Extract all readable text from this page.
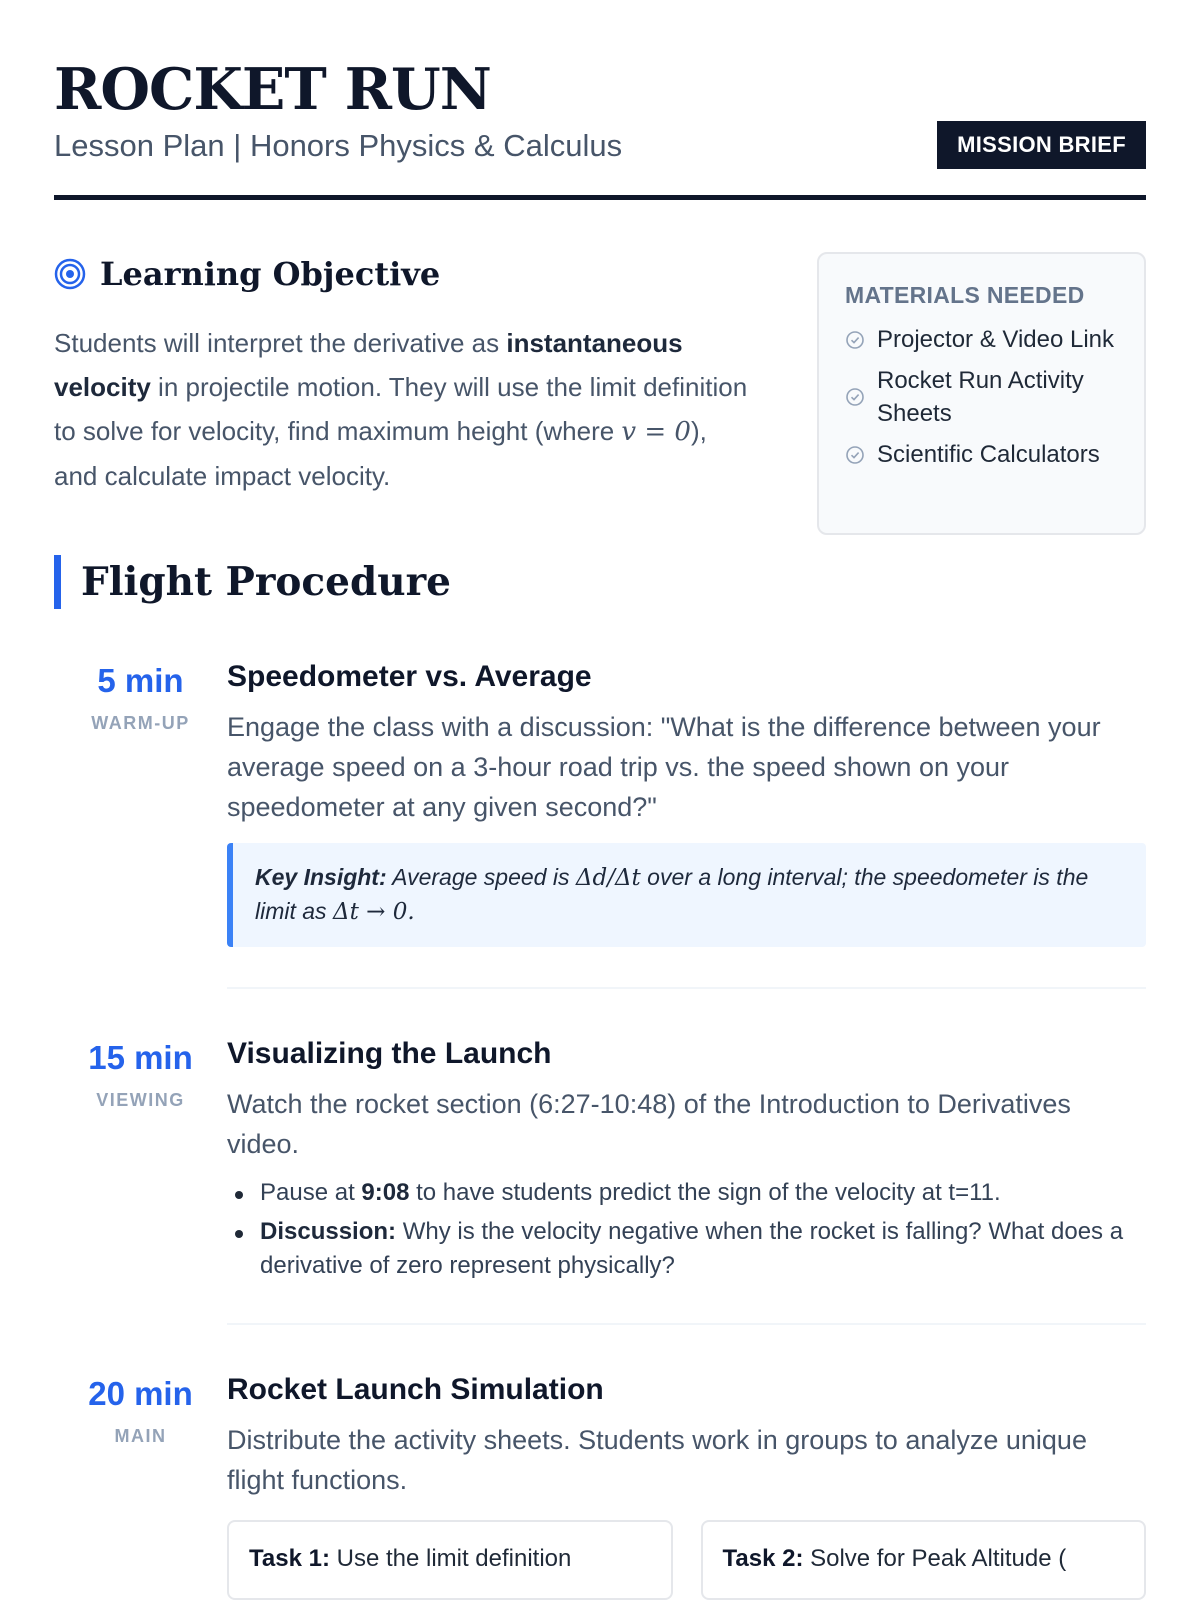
ROCKET RUN
Lesson Plan | Honors Physics & Calculus	MISSION BRIEF
Learning Objective

Students will interpret the derivative as instantaneous velocity in projectile motion. They will use the limit definition to solve for velocity, find maximum height (where v = 0), and calculate impact velocity.

MATERIALS NEEDED
Projector & Video Link
Rocket Run Activity Sheets
Scientific Calculators
Flight Procedure
5 min
WARM-UP
Speedometer vs. Average

Engage the class with a discussion: "What is the difference between your average speed on a 3-hour road trip vs. the speed shown on your speedometer at any given second?"

Key Insight: Average speed is Δd/Δt over a long interval; the speedometer is the limit as Δt → 0.
15 min
VIEWING
Visualizing the Launch

Watch the rocket section (6:27-10:48) of the Introduction to Derivatives video.

Pause at 9:08 to have students predict the sign of the velocity at t=11.
Discussion: Why is the velocity negative when the rocket is falling? What does a derivative of zero represent physically?
20 min
MAIN
Rocket Launch Simulation

Distribute the activity sheets. Students work in groups to analyze unique flight functions.

Task 1: Use the limit definition	Task 2: Solve for Peak Altitude (
